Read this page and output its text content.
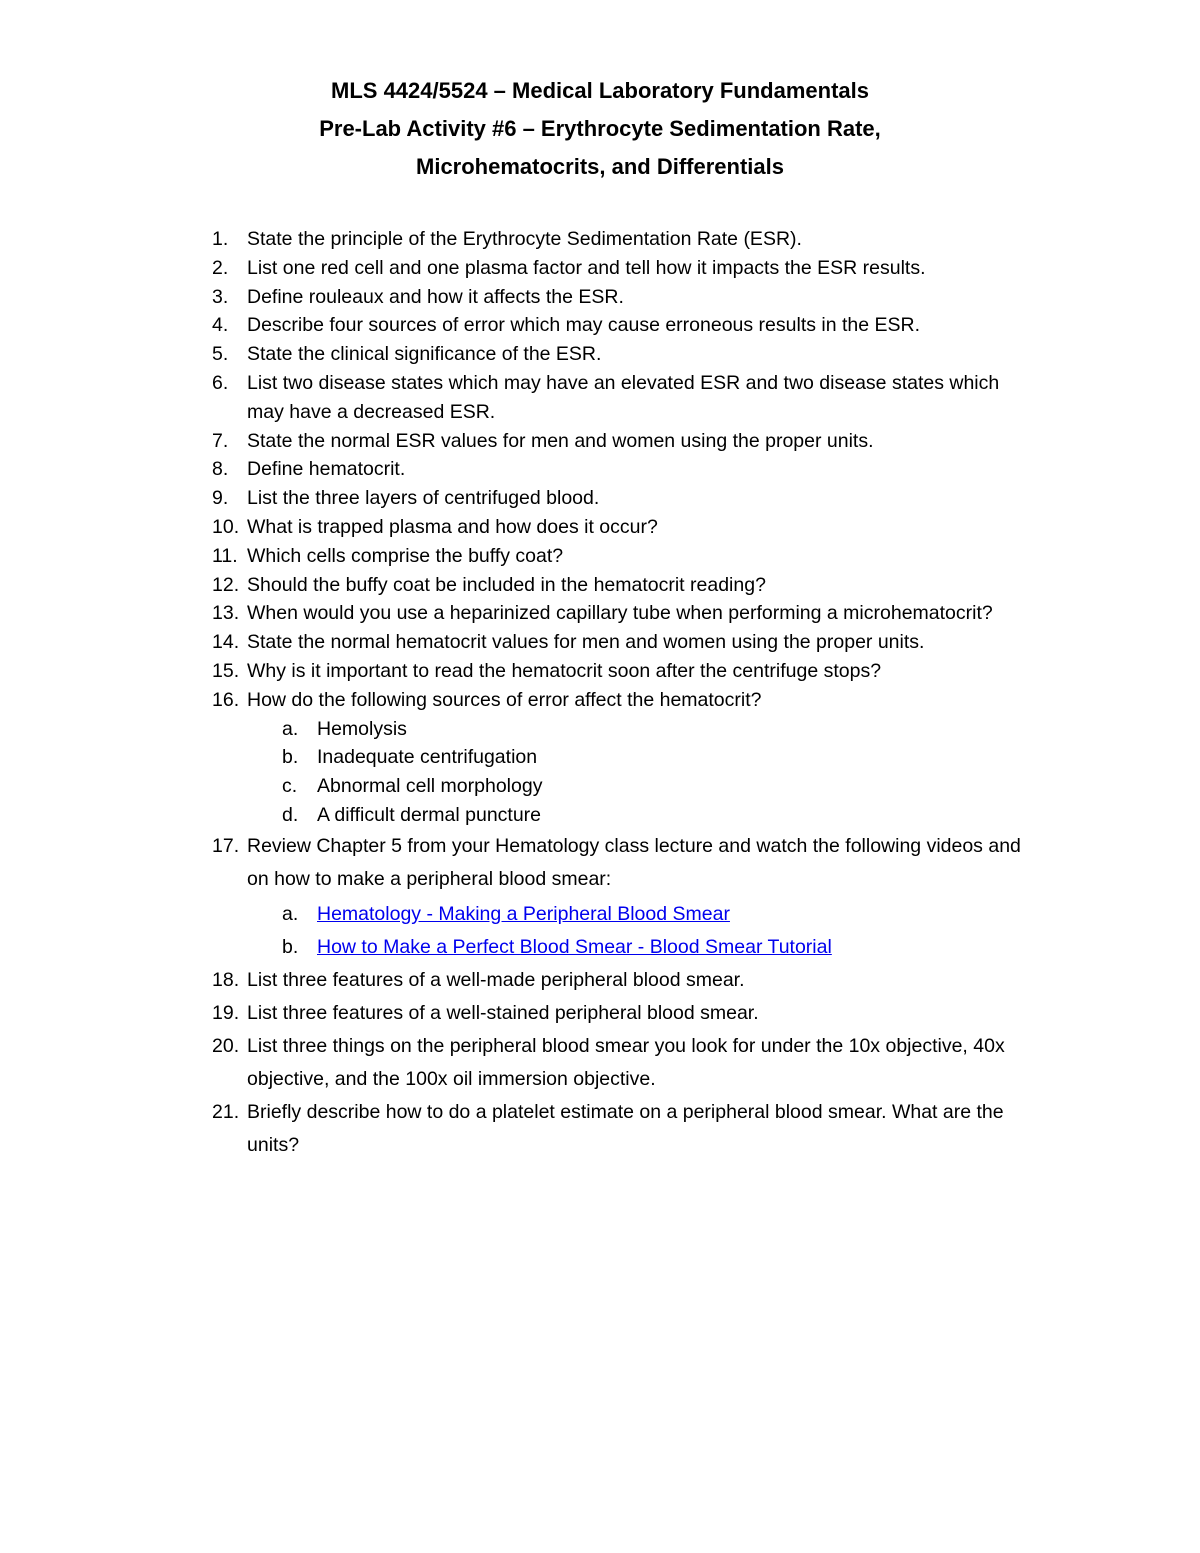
MLS 4424/5524 – Medical Laboratory Fundamentals
Pre-Lab Activity #6 – Erythrocyte Sedimentation Rate,
Microhematocrits, and Differentials
1. State the principle of the Erythrocyte Sedimentation Rate (ESR).
2. List one red cell and one plasma factor and tell how it impacts the ESR results.
3. Define rouleaux and how it affects the ESR.
4. Describe four sources of error which may cause erroneous results in the ESR.
5. State the clinical significance of the ESR.
6. List two disease states which may have an elevated ESR and two disease states which may have a decreased ESR.
7. State the normal ESR values for men and women using the proper units.
8. Define hematocrit.
9. List the three layers of centrifuged blood.
10. What is trapped plasma and how does it occur?
11. Which cells comprise the buffy coat?
12. Should the buffy coat be included in the hematocrit reading?
13. When would you use a heparinized capillary tube when performing a microhematocrit?
14. State the normal hematocrit values for men and women using the proper units.
15. Why is it important to read the hematocrit soon after the centrifuge stops?
16. How do the following sources of error affect the hematocrit?
a. Hemolysis
b. Inadequate centrifugation
c.	Abnormal cell morphology
d. A difficult dermal puncture
17. Review Chapter 5 from your Hematology class lecture and watch the following videos and on how to make a peripheral blood smear:
a. Hematology - Making a Peripheral Blood Smear
b. How to Make a Perfect Blood Smear - Blood Smear Tutorial
18. List three features of a well-made peripheral blood smear.
19. List three features of a well-stained peripheral blood smear.
20. List three things on the peripheral blood smear you look for under the 10x objective, 40x objective, and the 100x oil immersion objective.
21. Briefly describe how to do a platelet estimate on a peripheral blood smear. What are the units?
